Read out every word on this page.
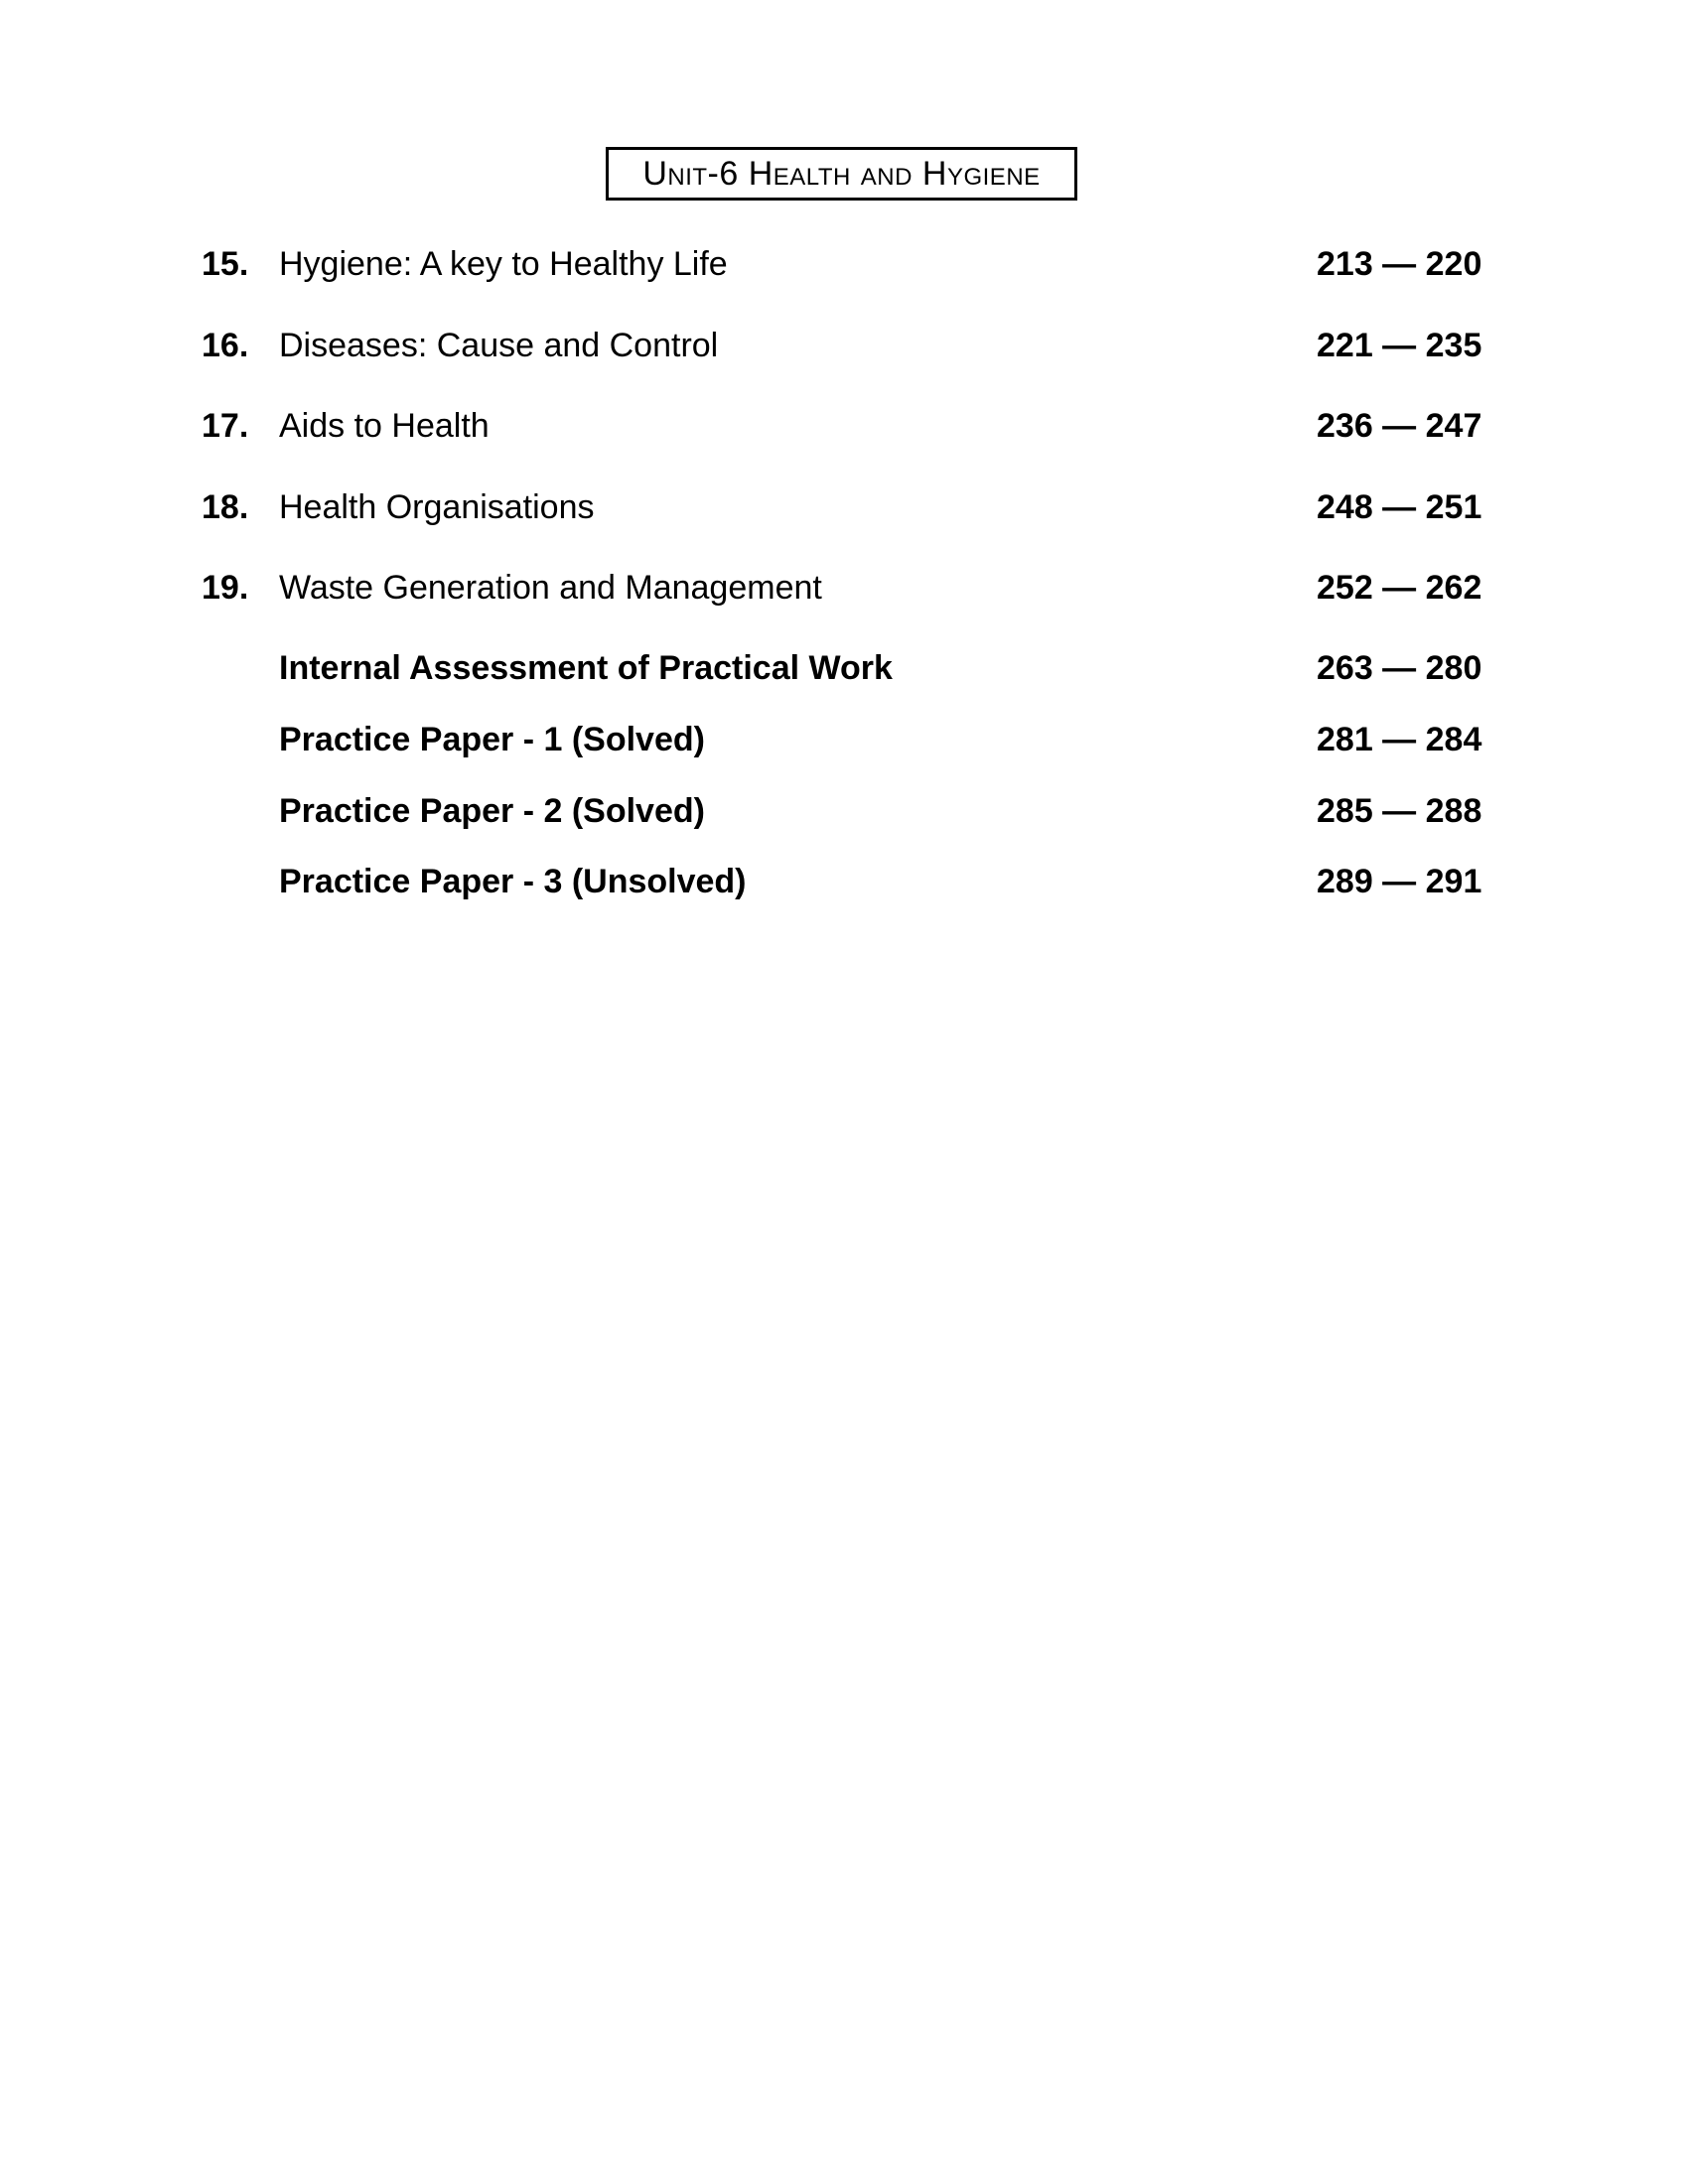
Unit-6 Health and Hygiene
15. Hygiene: A key to Healthy Life	213 — 220
16. Diseases: Cause and Control	221 — 235
17. Aids to Health	236 — 247
18. Health Organisations	248 — 251
19. Waste Generation and Management	252 — 262
Internal Assessment of Practical Work	263 — 280
Practice Paper - 1 (Solved)	281 — 284
Practice Paper - 2 (Solved)	285 — 288
Practice Paper - 3 (Unsolved)	289 — 291
